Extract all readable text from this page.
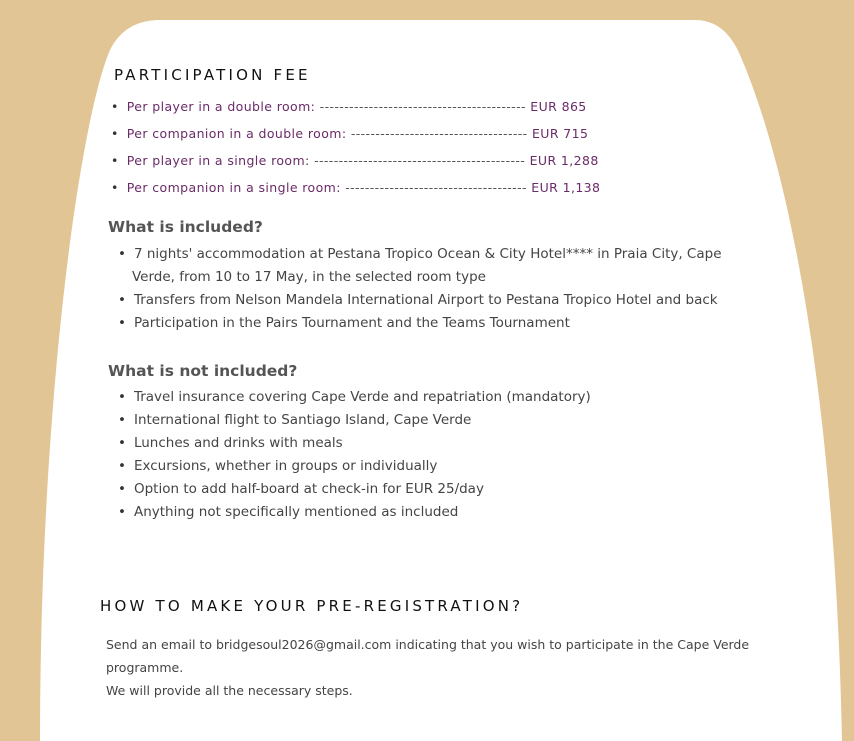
PARTICIPATION FEE
• Per player in a double room: ------------------------------------------ EUR 865
• Per companion in a double room: ------------------------------------ EUR 715
• Per player in a single room: ------------------------------------------- EUR 1,288
• Per companion in a single room: ------------------------------------- EUR 1,138
What is included?
• 7 nights' accommodation at Pestana Tropico Ocean & City Hotel**** in Praia City, Cape Verde, from 10 to 17 May, in the selected room type
• Transfers from Nelson Mandela International Airport to Pestana Tropico Hotel and back
• Participation in the Pairs Tournament and the Teams Tournament
What is not included?
• Travel insurance covering Cape Verde and repatriation (mandatory)
• International flight to Santiago Island, Cape Verde
• Lunches and drinks with meals
• Excursions, whether in groups or individually
• Option to add half-board at check-in for EUR 25/day
• Anything not specifically mentioned as included
HOW TO MAKE YOUR PRE-REGISTRATION?
Send an email to bridgesoul2026@gmail.com indicating that you wish to participate in the Cape Verde programme.
We will provide all the necessary steps.
